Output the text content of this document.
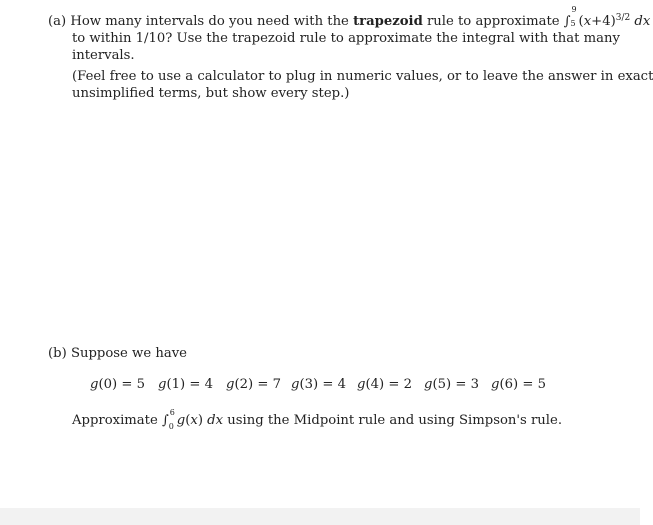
(a) How many intervals do you need with the trapezoid rule to approximate ∫
9
5 $(x+4)^{3/2}$ dx
to within 1/10? Use the trapezoid rule to approximate the integral with that many
intervals.
(Feel free to use a calculator to plug in numeric values, or to leave the answer in exact
unsimplified terms, but show every step.)
(b) Suppose we have
g(0) = 5 g(1) = 4 g(2) = 7 g(3) = 4 g(4) = 2 g(5) = 3 g(6) = 5
Approximate ∫
6
0 g(x) dx using the Midpoint rule and using Simpson's rule.
